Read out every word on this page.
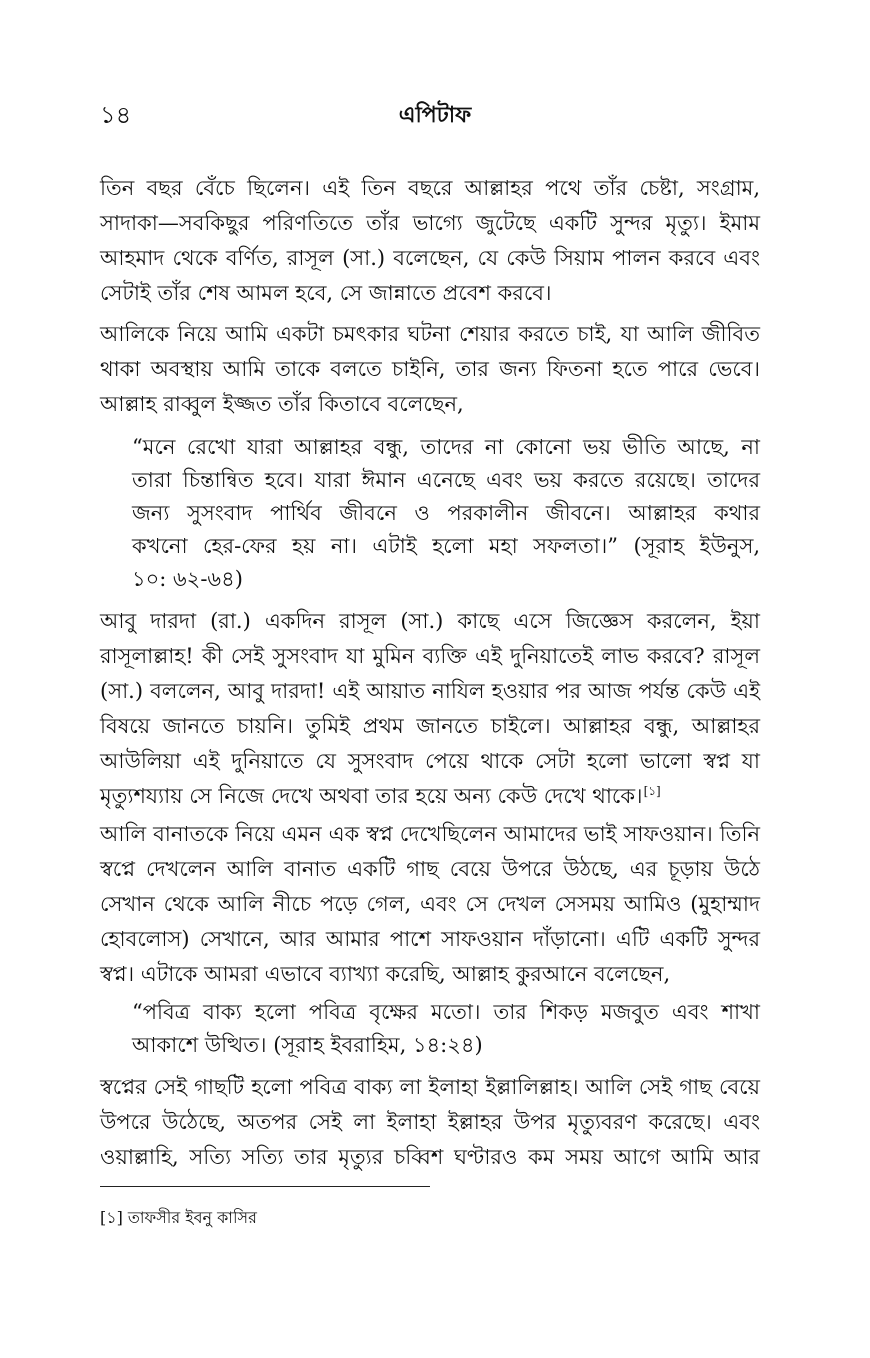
১৪	এপিটাফ
তিন বছর বেঁচে ছিলেন। এই তিন বছরে আল্লাহর পথে তাঁর চেষ্টা, সংগ্রাম,
সাদাকা—সবকিছুর পরিণতিতে তাঁর ভাগ্যে জুটেছে একটি সুন্দর মৃত্যু। ইমাম
আহমাদ থেকে বর্ণিত, রাসূল (সা.) বলেছেন, যে কেউ সিয়াম পালন করবে এবং
সেটাই তাঁর শেষ আমল হবে, সে জান্নাতে প্রবেশ করবে।
আলিকে নিয়ে আমি একটা চমৎকার ঘটনা শেয়ার করতে চাই, যা আলি জীবিত
থাকা অবস্থায় আমি তাকে বলতে চাইনি, তার জন্য ফিতনা হতে পারে ভেবে।
আল্লাহ রাব্বুল ইজ্জত তাঁর কিতাবে বলেছেন,
“মনে রেখো যারা আল্লাহর বন্ধু, তাদের না কোনো ভয় ভীতি আছে, না
তারা চিন্তান্বিত হবে। যারা ঈমান এনেছে এবং ভয় করতে রয়েছে। তাদের
জন্য সুসংবাদ পার্থিব জীবনে ও পরকালীন জীবনে। আল্লাহর কথার
কখনো হের-ফের হয় না। এটাই হলো মহা সফলতা।” (সূরাহ ইউনুস,
১০: ৬২-৬৪)
আবু দারদা (রা.) একদিন রাসূল (সা.) কাছে এসে জিজ্ঞেস করলেন, ইয়া
রাসূলাল্লাহ! কী সেই সুসংবাদ যা মুমিন ব্যক্তি এই দুনিয়াতেই লাভ করবে? রাসূল
(সা.) বললেন, আবু দারদা! এই আয়াত নাযিল হওয়ার পর আজ পর্যন্ত কেউ এই
বিষয়ে জানতে চায়নি। তুমিই প্রথম জানতে চাইলে। আল্লাহর বন্ধু, আল্লাহর
আউলিয়া এই দুনিয়াতে যে সুসংবাদ পেয়ে থাকে সেটা হলো ভালো স্বপ্ন যা
মৃত্যুশয্যায় সে নিজে দেখে অথবা তার হয়ে অন্য কেউ দেখে থাকে।[১]
আলি বানাতকে নিয়ে এমন এক স্বপ্ন দেখেছিলেন আমাদের ভাই সাফওয়ান। তিনি
স্বপ্নে দেখলেন আলি বানাত একটি গাছ বেয়ে উপরে উঠছে, এর চূড়ায় উঠে
সেখান থেকে আলি নীচে পড়ে গেল, এবং সে দেখল সেসময় আমিও (মুহাম্মাদ
হোবলোস) সেখানে, আর আমার পাশে সাফওয়ান দাঁড়ানো। এটি একটি সুন্দর
স্বপ্ন। এটাকে আমরা এভাবে ব্যাখ্যা করেছি, আল্লাহ কুরআনে বলেছেন,
“পবিত্র বাক্য হলো পবিত্র বৃক্ষের মতো। তার শিকড় মজবুত এবং শাখা
আকাশে উত্থিত। (সূরাহ ইবরাহিম, ১৪:২৪)
স্বপ্নের সেই গাছটি হলো পবিত্র বাক্য লা ইলাহা ইল্লালিল্লাহ। আলি সেই গাছ বেয়ে
উপরে উঠেছে, অতপর সেই লা ইলাহা ইল্লাহর উপর মৃত্যুবরণ করেছে। এবং
ওয়াল্লাহি, সত্যি সত্যি তার মৃত্যুর চব্বিশ ঘণ্টারও কম সময় আগে আমি আর
[১] তাফসীর ইবনু কাসির
